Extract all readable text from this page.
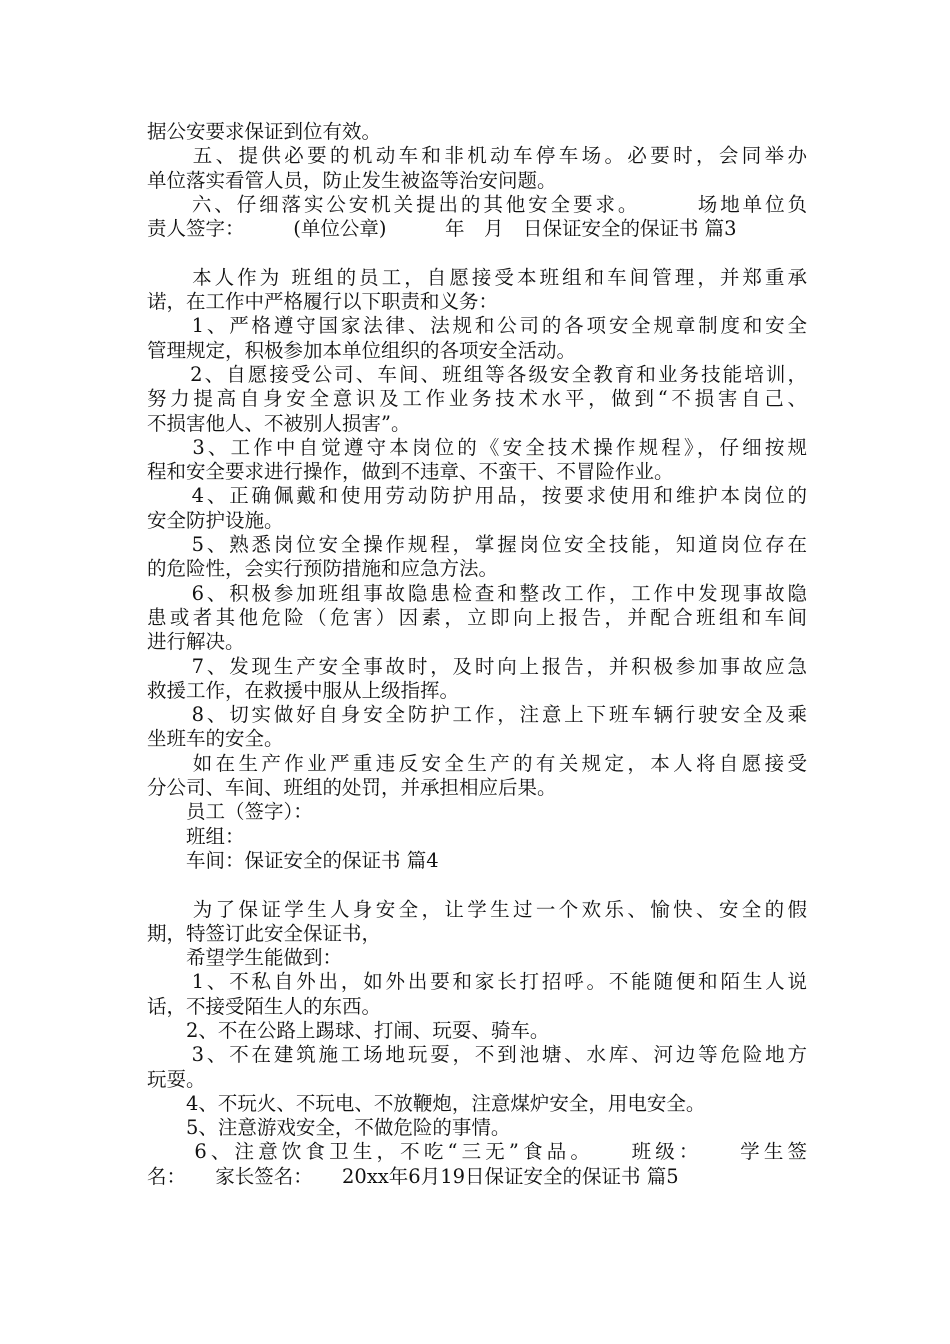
据公安要求保证到位有效。
　　五、提供必要的机动车和非机动车停车场。必要时，会同举办
单位落实看管人员，防止发生被盗等治安问题。
　　六、仔细落实公安机关提出的其他安全要求。　　　场地单位负
责人签字：　　　(单位公章)　　　年　月　日保证安全的保证书 篇3
　　本人作为 班组的员工，自愿接受本班组和车间管理，并郑重承
诺，在工作中严格履行以下职责和义务：
　　1、严格遵守国家法律、法规和公司的各项安全规章制度和安全
管理规定，积极参加本单位组织的各项安全活动。
　　2、自愿接受公司、车间、班组等各级安全教育和业务技能培训，
努力提高自身安全意识及工作业务技术水平，做到“不损害自己、
不损害他人、不被别人损害”。
　　3、工作中自觉遵守本岗位的《安全技术操作规程》，仔细按规
程和安全要求进行操作，做到不违章、不蛮干、不冒险作业。
　　4、正确佩戴和使用劳动防护用品，按要求使用和维护本岗位的
安全防护设施。
　　5、熟悉岗位安全操作规程，掌握岗位安全技能，知道岗位存在
的危险性，会实行预防措施和应急方法。
　　6、积极参加班组事故隐患检查和整改工作，工作中发现事故隐
患或者其他危险（危害）因素，立即向上报告，并配合班组和车间
进行解决。
　　7、发现生产安全事故时，及时向上报告，并积极参加事故应急
救援工作，在救援中服从上级指挥。
　　8、切实做好自身安全防护工作，注意上下班车辆行驶安全及乘
坐班车的安全。
　　如在生产作业严重违反安全生产的有关规定，本人将自愿接受
分公司、车间、班组的处罚，并承担相应后果。
　　员工（签字）：
　　班组：
　　车间：保证安全的保证书 篇4
　　为了保证学生人身安全，让学生过一个欢乐、愉快、安全的假
期，特签订此安全保证书，
　　希望学生能做到：
　　1、不私自外出，如外出要和家长打招呼。不能随便和陌生人说
话，不接受陌生人的东西。
　　2、不在公路上踢球、打闹、玩耍、骑车。
　　3、不在建筑施工场地玩耍，不到池塘、水库、河边等危险地方
玩耍。
　　4、不玩火、不玩电、不放鞭炮，注意煤炉安全，用电安全。
　　5、注意游戏安全，不做危险的事情。
　　6、注意饮食卫生，不吃“三无”食品。　　班级：　　学生签
名：　　家长签名：　　20xx年6月19日保证安全的保证书 篇5
